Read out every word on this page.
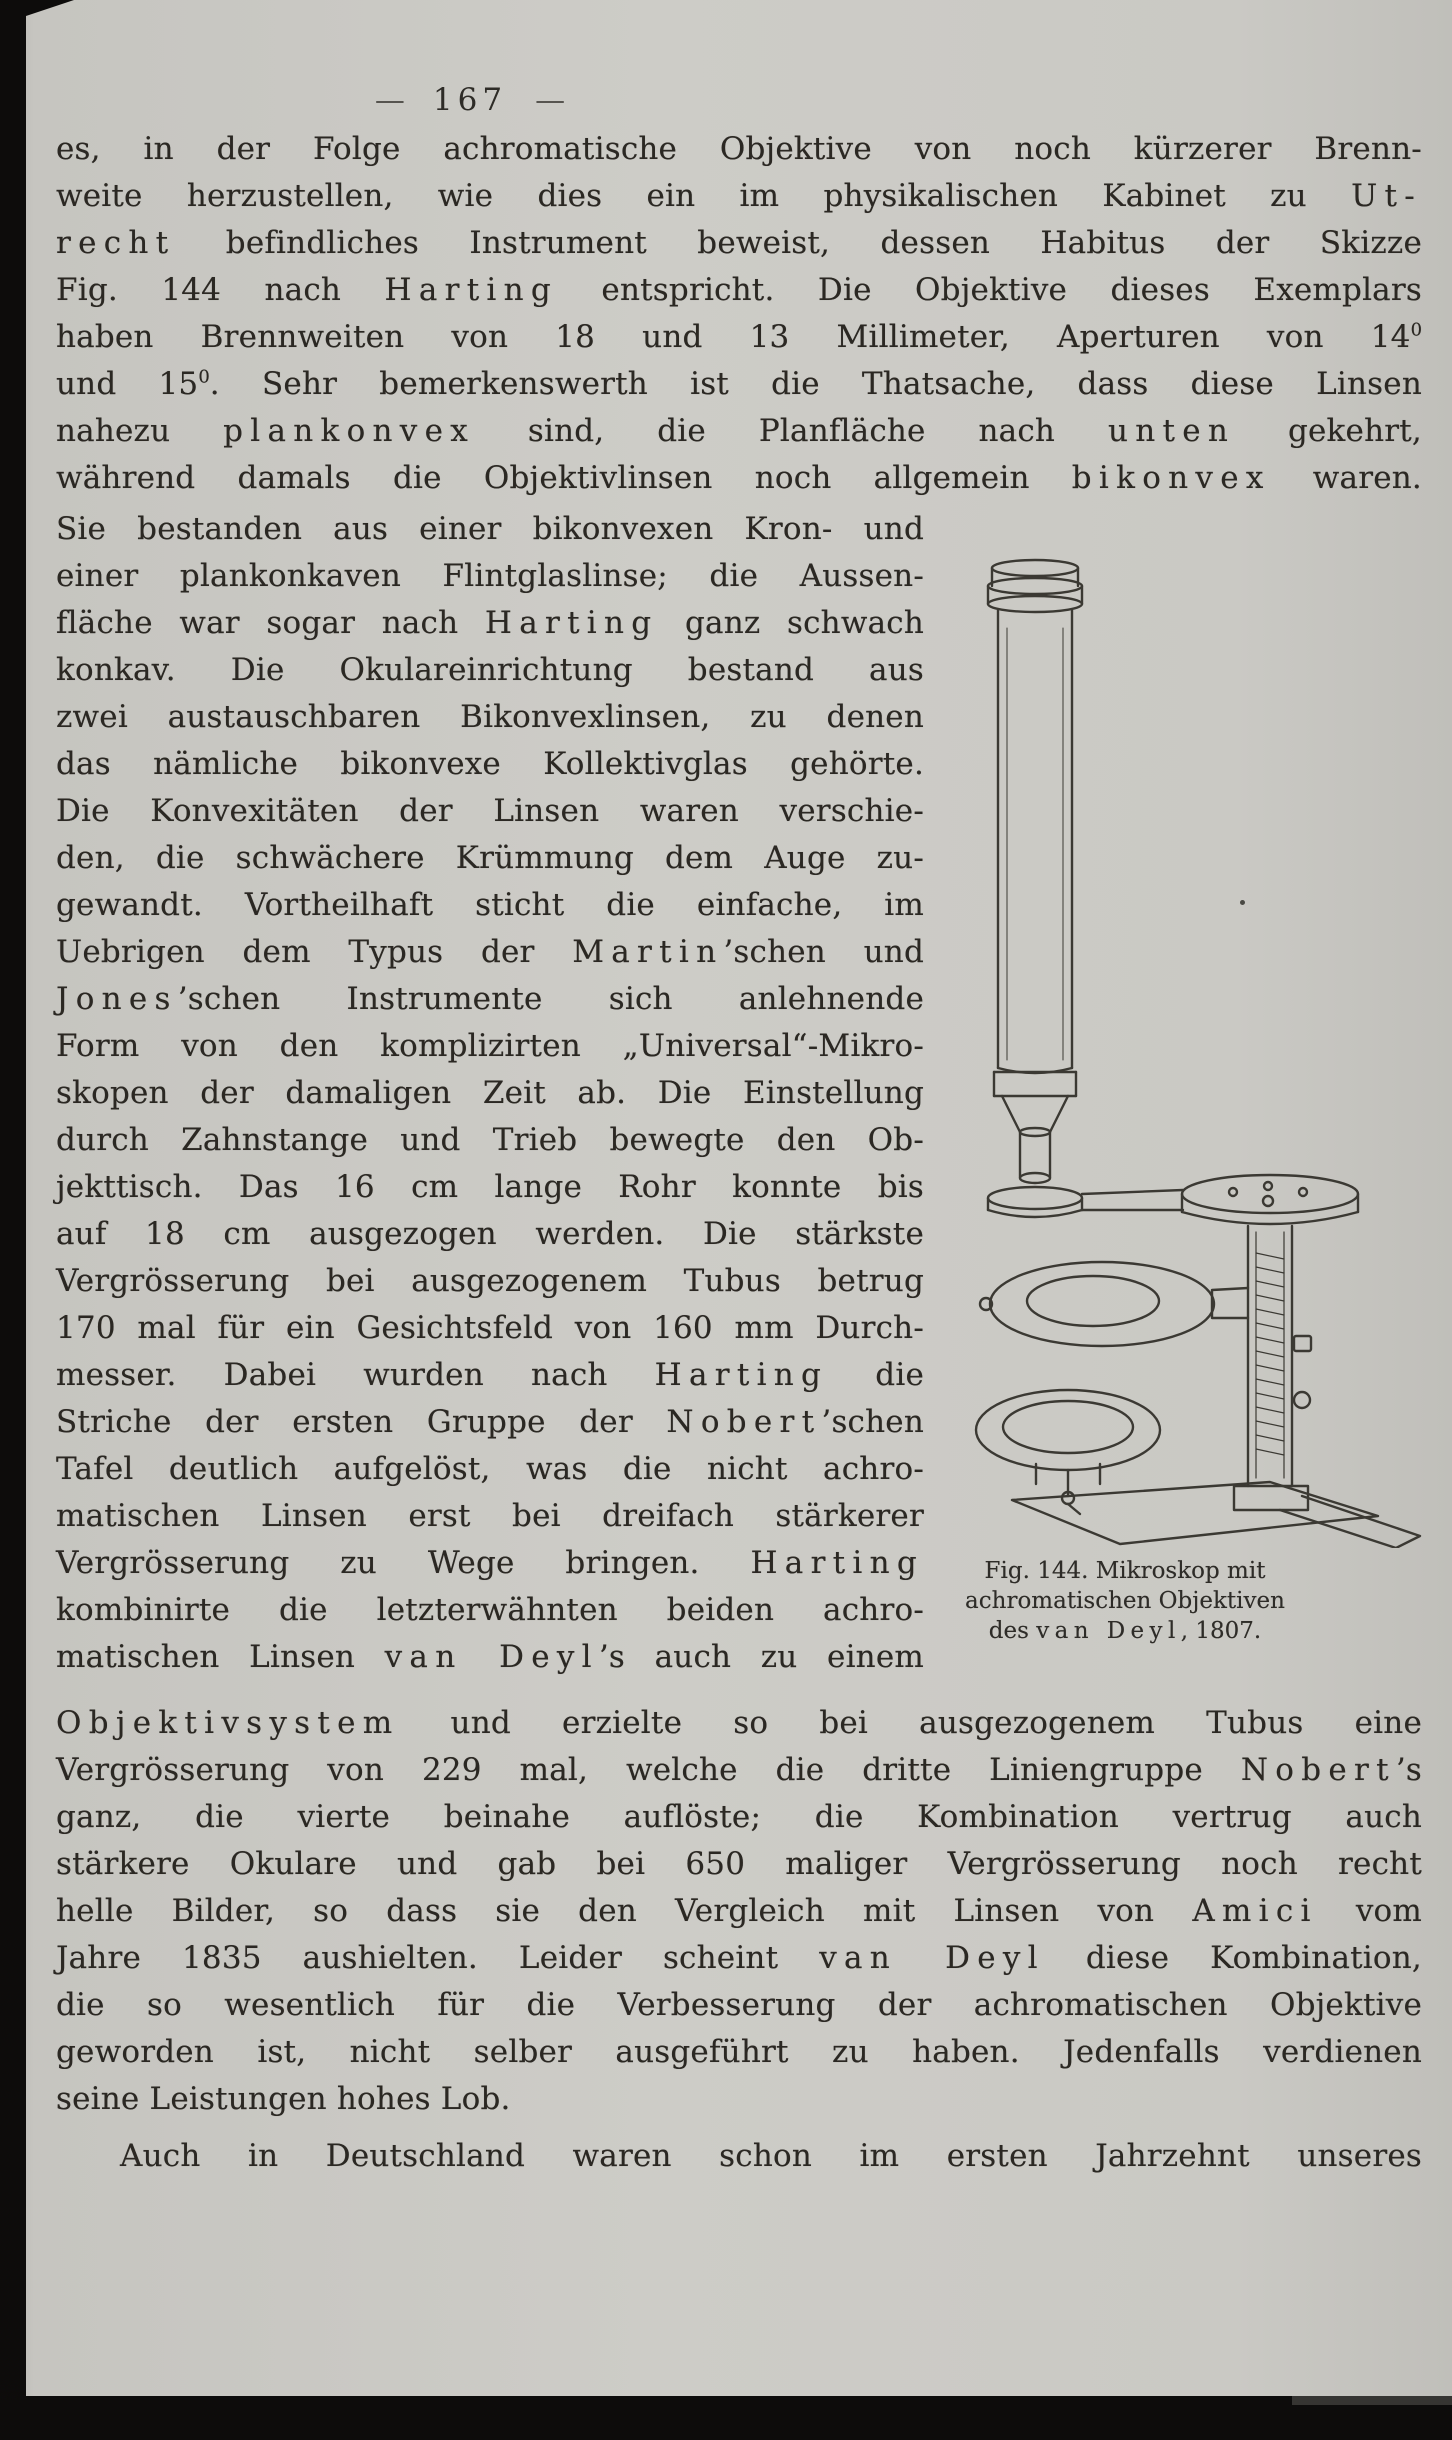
— 167 —
es, in der Folge achromatische Objektive von noch kürzerer Brenn-
weite herzustellen, wie dies ein im physikalischen Kabinet zu Ut-
recht befindliches Instrument beweist, dessen Habitus der Skizze
Fig. 144 nach Harting entspricht. Die Objektive dieses Exemplars
haben Brennweiten von 18 und 13 Millimeter, Aperturen von $14^0$
und $15^0$. Sehr bemerkenswerth ist die Thatsache, dass diese Linsen
nahezu plankonvex sind, die Planfläche nach unten gekehrt,
während damals die Objektivlinsen noch allgemein bikonvex waren.
Sie bestanden aus einer bikonvexen Kron- und
einer plankonkaven Flintglaslinse; die Aussen-
fläche war sogar nach Harting ganz schwach
konkav. Die Okulareinrichtung bestand aus
zwei austauschbaren Bikonvexlinsen, zu denen
das nämliche bikonvexe Kollektivglas gehörte.
Die Konvexitäten der Linsen waren verschie-
den, die schwächere Krümmung dem Auge zu-
gewandt. Vortheilhaft sticht die einfache, im
Uebrigen dem Typus der Martin’schen und
Jones’schen Instrumente sich anlehnende
Form von den komplizirten „Universal“-Mikro-
skopen der damaligen Zeit ab. Die Einstellung
durch Zahnstange und Trieb bewegte den Ob-
jekttisch. Das 16 cm lange Rohr konnte bis
auf 18 cm ausgezogen werden. Die stärkste
Vergrösserung bei ausgezogenem Tubus betrug
170 mal für ein Gesichtsfeld von 160 mm Durch-
messer. Dabei wurden nach Harting die
Striche der ersten Gruppe der Nobert’schen
Tafel deutlich aufgelöst, was die nicht achro-
matischen Linsen erst bei dreifach stärkerer
Vergrösserung zu Wege bringen. Harting
kombinirte die letzterwähnten beiden achro-
matischen Linsen van Deyl’s auch zu einem
Fig. 144. Mikroskop mit
achromatischen Objektiven
des van Deyl, 1807.
Objektivsystem und erzielte so bei ausgezogenem Tubus eine
Vergrösserung von 229 mal, welche die dritte Liniengruppe Nobert’s
ganz, die vierte beinahe auflöste; die Kombination vertrug auch
stärkere Okulare und gab bei 650 maliger Vergrösserung noch recht
helle Bilder, so dass sie den Vergleich mit Linsen von Amici vom
Jahre 1835 aushielten. Leider scheint van Deyl diese Kombination,
die so wesentlich für die Verbesserung der achromatischen Objektive
geworden ist, nicht selber ausgeführt zu haben. Jedenfalls verdienen
seine Leistungen hohes Lob.
Auch in Deutschland waren schon im ersten Jahrzehnt unseres
